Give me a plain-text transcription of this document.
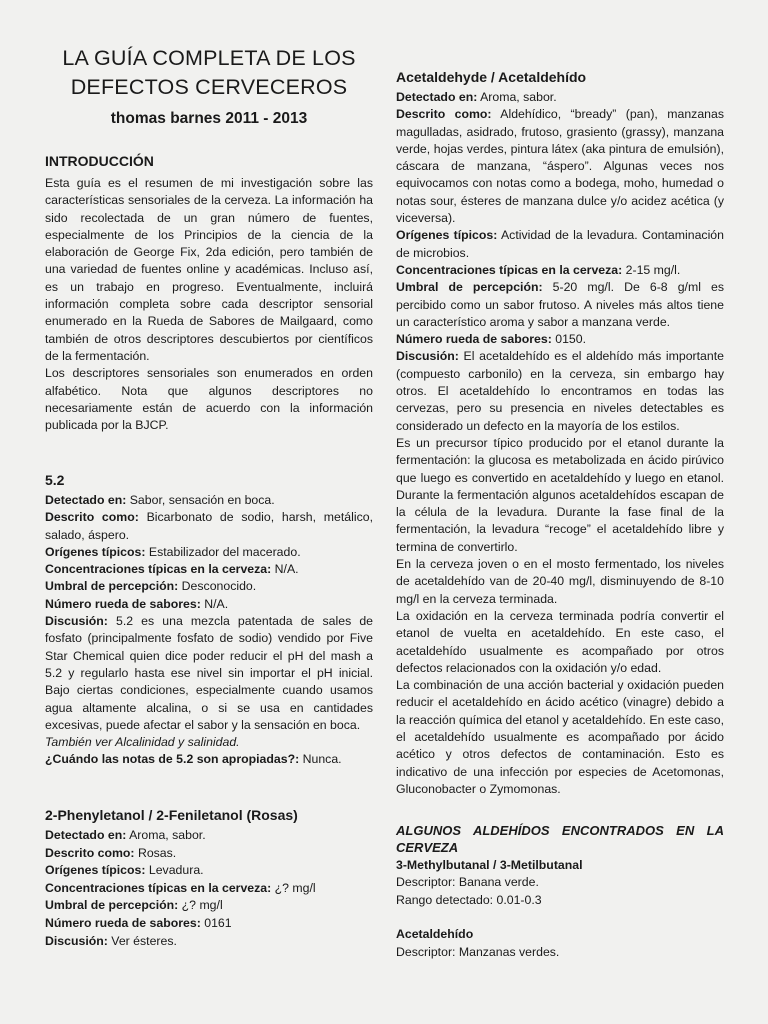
LA GUÍA COMPLETA DE LOS
DEFECTOS CERVECEROS

thomas barnes 2011 - 2013

INTRODUCCIÓN

Esta guía es el resumen de mi investigación sobre las características sensoriales de la cerveza. La información ha sido recolectada de un gran número de fuentes, especialmente de los Principios de la ciencia de la elaboración de George Fix, 2da edición, pero también de una variedad de fuentes online y académicas. Incluso así, es un trabajo en progreso. Eventualmente, incluirá información completa sobre cada descriptor sensorial enumerado en la Rueda de Sabores de Mailgaard, como también de otros descriptores descubiertos por científicos de la fermentación.

Los descriptores sensoriales son enumerados en orden alfabético. Nota que algunos descriptores no necesariamente están de acuerdo con la información publicada por la BJCP.

5.2

Detectado en: Sabor, sensación en boca.

Descrito como: Bicarbonato de sodio, harsh, metálico, salado, áspero.

Orígenes típicos: Estabilizador del macerado.

Concentraciones típicas en la cerveza: N/A.

Umbral de percepción: Desconocido.

Número rueda de sabores: N/A.

Discusión: 5.2 es una mezcla patentada de sales de fosfato (principalmente fosfato de sodio) vendido por Five Star Chemical quien dice poder reducir el pH del mash a 5.2 y regularlo hasta ese nivel sin importar el pH inicial. Bajo ciertas condiciones, especialmente cuando usamos agua altamente alcalina, o si se usa en cantidades excesivas, puede afectar el sabor y la sensación en boca.

También ver Alcalinidad y salinidad.

¿Cuándo las notas de 5.2 son apropiadas?: Nunca.

2-Phenyletanol / 2-Feniletanol (Rosas)

Detectado en: Aroma, sabor.

Descrito como: Rosas.

Orígenes típicos: Levadura.

Concentraciones típicas en la cerveza: ¿? mg/l

Umbral de percepción: ¿? mg/l

Número rueda de sabores: 0161

Discusión: Ver ésteres.

Acetaldehyde / Acetaldehído

Detectado en: Aroma, sabor.

Descrito como: Aldehídico, “bready” (pan), manzanas magulladas, asidrado, frutoso, grasiento (grassy), manzana verde, hojas verdes, pintura látex (aka pintura de emulsión), cáscara de manzana, “áspero”. Algunas veces nos equivocamos con notas como a bodega, moho, humedad o notas sour, ésteres de manzana dulce y/o acidez acética (y viceversa).

Orígenes típicos: Actividad de la levadura. Contaminación de microbios.

Concentraciones típicas en la cerveza: 2-15 mg/l.

Umbral de percepción: 5-20 mg/l. De 6-8 g/ml es percibido como un sabor frutoso. A niveles más altos tiene un característico aroma y sabor a manzana verde.

Número rueda de sabores: 0150.

Discusión: El acetaldehído es el aldehído más importante (compuesto carbonilo) en la cerveza, sin embargo hay otros. El acetaldehído lo encontramos en todas las cervezas, pero su presencia en niveles detectables es considerado un defecto en la mayoría de los estilos.

Es un precursor típico producido por el etanol durante la fermentación: la glucosa es metabolizada en ácido pirúvico que luego es convertido en acetaldehído y luego en etanol. Durante la fermentación algunos acetaldehídos escapan de la célula de la levadura. Durante la fase final de la fermentación, la levadura “recoge” el acetaldehído libre y termina de convertirlo.

En la cerveza joven o en el mosto fermentado, los niveles de acetaldehído van de 20-40 mg/l, disminuyendo de 8-10 mg/l en la cerveza terminada.

La oxidación en la cerveza terminada podría convertir el etanol de vuelta en acetaldehído. En este caso, el acetaldehído usualmente es acompañado por otros defectos relacionados con la oxidación y/o edad.

La combinación de una acción bacterial y oxidación pueden reducir el acetaldehído en ácido acético (vinagre) debido a la reacción química del etanol y acetaldehído. En este caso, el acetaldehído usualmente es acompañado por ácido acético y otros defectos de contaminación. Esto es indicativo de una infección por especies de Acetomonas, Gluconobacter o Zymomonas.

ALGUNOS ALDEHÍDOS ENCONTRADOS EN LA CERVEZA

3-Methylbutanal / 3-Metilbutanal

Descriptor: Banana verde.

Rango detectado: 0.01-0.3

Acetaldehído

Descriptor: Manzanas verdes.
